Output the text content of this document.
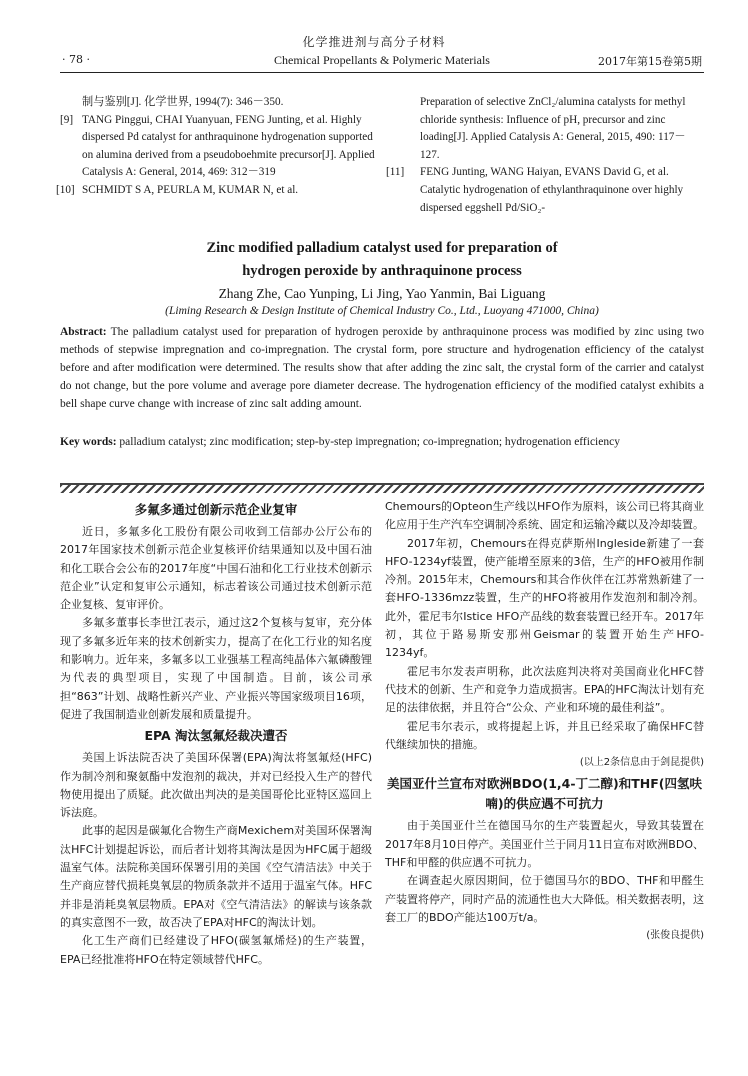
化学推进剂与高分子材料
· 78 ·	Chemical Propellants & Polymeric Materials	2017年第15卷第5期
制与鉴别[J]. 化学世界, 1994(7): 346－350.
[9] TANG Pinggui, CHAI Yuanyuan, FENG Junting, et al. Highly dispersed Pd catalyst for anthraquinone hydrogenation supported on alumina derived from a pseudoboehmite precursor[J]. Applied Catalysis A: General, 2014, 469: 312－319
[10] SCHMIDT S A, PEURLA M, KUMAR N, et al.
Preparation of selective ZnCl₂/alumina catalysts for methyl chloride synthesis: Influence of pH, precursor and zinc loading[J]. Applied Catalysis A: General, 2015, 490: 117－127.
[11] FENG Junting, WANG Haiyan, EVANS David G, et al. Catalytic hydrogenation of ethylanthraquinone over highly dispersed eggshell Pd/SiO₂-
Zinc modified palladium catalyst used for preparation of
hydrogen peroxide by anthraquinone process
Zhang Zhe, Cao Yunping, Li Jing, Yao Yanmin, Bai Liguang
(Liming Research & Design Institute of Chemical Industry Co., Ltd., Luoyang 471000, China)
Abstract: The palladium catalyst used for preparation of hydrogen peroxide by anthraquinone process was modified by zinc using two methods of stepwise impregnation and co-impregnation. The crystal form, pore structure and hydrogenation efficiency of the catalyst before and after modification were determined. The results show that after adding the zinc salt, the crystal form of the carrier and catalyst do not change, but the pore volume and average pore diameter decrease. The hydrogenation efficiency of the modified catalyst exhibits a bell shape curve change with increase of zinc salt adding amount.
Key words: palladium catalyst; zinc modification; step-by-step impregnation; co-impregnation; hydrogenation efficiency
多氟多通过创新示范企业复审

近日，多氟多化工股份有限公司收到工信部办公厅公布的2017年国家技术创新示范企业复核评价结果通知以及中国石油和化工联合会公布的2017年度“中国石油和化工行业技术创新示范企业”认定和复审公示通知，标志着该公司通过技术创新示范企业复核、复审评价。

多氟多董事长李世江表示，通过这2个复核与复审，充分体现了多氟多近年来的技术创新实力，提高了在化工行业的知名度和影响力。近年来，多氟多以工业强基工程高纯晶体六氟磷酸锂为代表的典型项目，实现了中国制造。目前，该公司承担“863”计划、战略性新兴产业、产业振兴等国家级项目16项，促进了我国制造业创新发展和质量提升。

EPA 淘汰氢氟烃裁决遭否

美国上诉法院否决了美国环保署(EPA)淘汰将氢氟烃(HFC)作为制冷剂和聚氨酯中发泡剂的裁决，并对已经投入生产的替代物使用提出了质疑。此次做出判决的是美国哥伦比亚特区巡回上诉法庭。

此事的起因是碳氟化合物生产商Mexichem对美国环保署淘汰HFC计划提起诉讼，而后者计划将其淘汰是因为HFC属于超级温室气体。法院称美国环保署引用的美国《空气清洁法》中关于生产商应替代损耗臭氧层的物质条款并不适用于温室气体。HFC并非是消耗臭氧层物质。EPA对《空气清洁法》的解读与该条款的真实意图不一致，故否决了EPA对HFC的淘汰计划。

化工生产商们已经建设了HFO(碳氢氟烯烃)的生产装置，EPA已经批准将HFO在特定领域替代HFC。

Chemours的Opteon生产线以HFO作为原料，该公司已将其商业化应用于生产汽车空调制冷系统、固定和运输冷藏以及冷却装置。

2017年初，Chemours在得克萨斯州Ingleside新建了一套HFO-1234yf装置，使产能增至原来的3倍，生产的HFO被用作制冷剂。2015年末，Chemours和其合作伙伴在江苏常熟新建了一套HFO-1336mzz装置，生产的HFO将被用作发泡剂和制冷剂。此外，霍尼韦尔Istice HFO产品线的数套装置已经开车。2017年初，其位于路易斯安那州Geismar的装置开始生产HFO-1234yf。

霍尼韦尔发表声明称，此次法庭判决将对美国商业化HFC替代技术的创新、生产和竞争力造成损害。EPA的HFC淘汰计划有充足的法律依据，并且符合“公众、产业和环境的最佳利益”。

霍尼韦尔表示，或将提起上诉，并且已经采取了确保HFC替代继续加快的措施。

(以上2条信息由于剑昆提供)

美国亚什兰宣布对欧洲BDO(1,4-丁二醇)和THF(四氢呋喃)的供应遇不可抗力

由于美国亚什兰在德国马尔的生产装置起火，导致其装置在2017年8月10日停产。美国亚什兰于同月11日宣布对欧洲BDO、THF和甲醛的供应遇不可抗力。

在调查起火原因期间，位于德国马尔的BDO、THF和甲醛生产装置将停产，同时产品的流通性也大大降低。相关数据表明，这套工厂的BDO产能达100万t/a。

(张俊良提供)
